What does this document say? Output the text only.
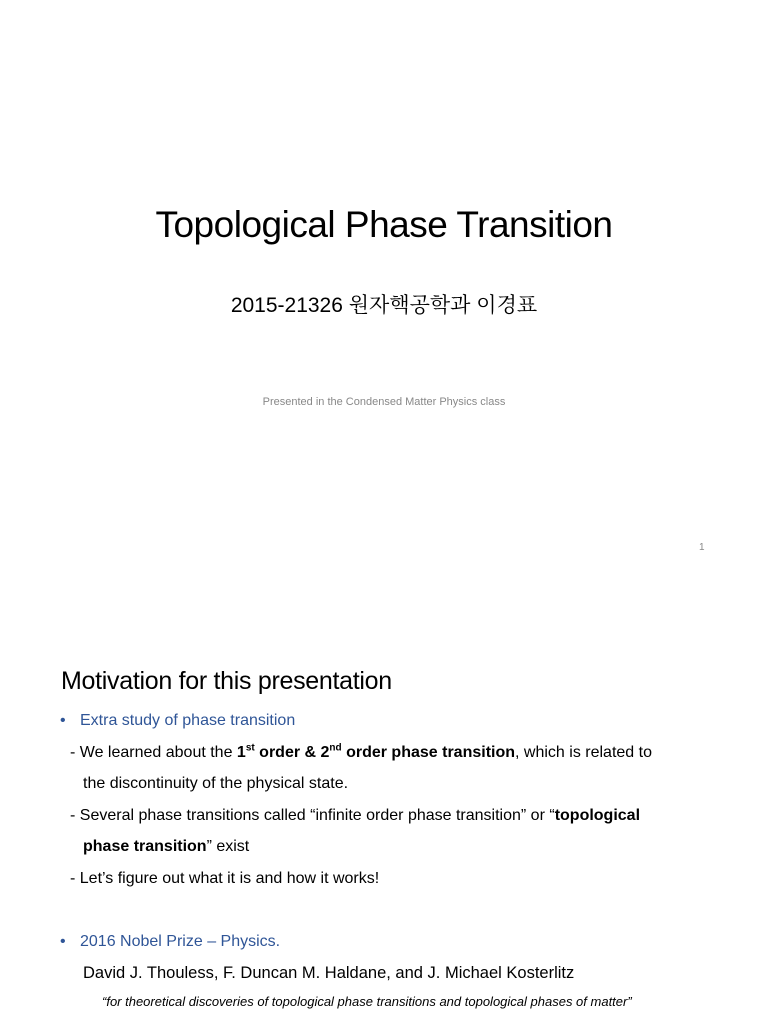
Topological Phase Transition
2015-21326 원자핵공학과 이경표
Presented in the Condensed Matter Physics class
1
Motivation for this presentation
• Extra study of phase transition
- We learned about the 1st order & 2nd order phase transition, which is related to
the discontinuity of the physical state.
- Several phase transitions called “infinite order phase transition” or “topological
phase transition” exist
- Let’s figure out what it is and how it works!
• 2016 Nobel Prize – Physics.
David J. Thouless, F. Duncan M. Haldane, and J. Michael Kosterlitz
“for theoretical discoveries of topological phase transitions and topological phases of matter”
